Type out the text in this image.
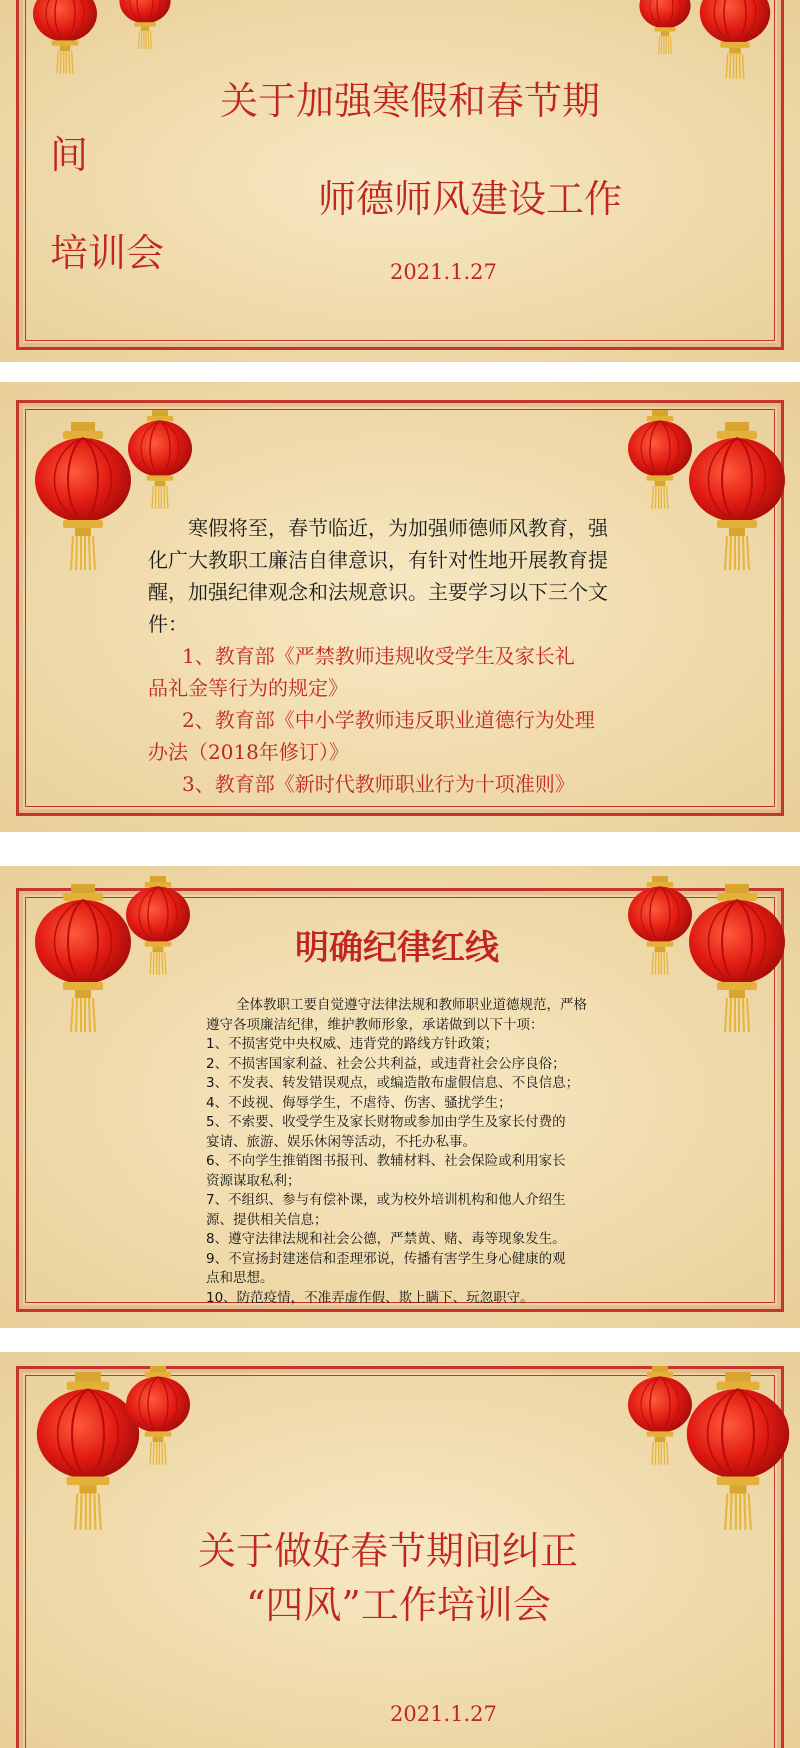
关于加强寒假和春节期
间
师德师风建设工作
培训会	2021.1.27
寒假将至，春节临近，为加强师德师风教育，强
化广大教职工廉洁自律意识，有针对性地开展教育提
醒，加强纪律观念和法规意识。主要学习以下三个文
件：
1、教育部《严禁教师违规收受学生及家长礼
品礼金等行为的规定》
2、教育部《中小学教师违反职业道德行为处理
办法（2018年修订）》
3、教育部《新时代教师职业行为十项准则》
明确纪律红线
全体教职工要自觉遵守法律法规和教师职业道德规范，严格
遵守各项廉洁纪律，维护教师形象，承诺做到以下十项：
1、不损害党中央权威、违背党的路线方针政策；
2、不损害国家利益、社会公共利益，或违背社会公序良俗；
3、不发表、转发错误观点，或编造散布虚假信息、不良信息；
4、不歧视、侮辱学生，不虐待、伤害、骚扰学生；
5、不索要、收受学生及家长财物或参加由学生及家长付费的
宴请、旅游、娱乐休闲等活动，不托办私事。
6、不向学生推销图书报刊、教辅材料、社会保险或利用家长
资源谋取私利；
7、不组织、参与有偿补课，或为校外培训机构和他人介绍生
源、提供相关信息；
8、遵守法律法规和社会公德，严禁黄、赌、毒等现象发生。
9、不宣扬封建迷信和歪理邪说，传播有害学生身心健康的观
点和思想。
10、防范疫情，不准弄虚作假、欺上瞒下、玩忽职守。
关于做好春节期间纠正
“四风”工作培训会
2021.1.27
